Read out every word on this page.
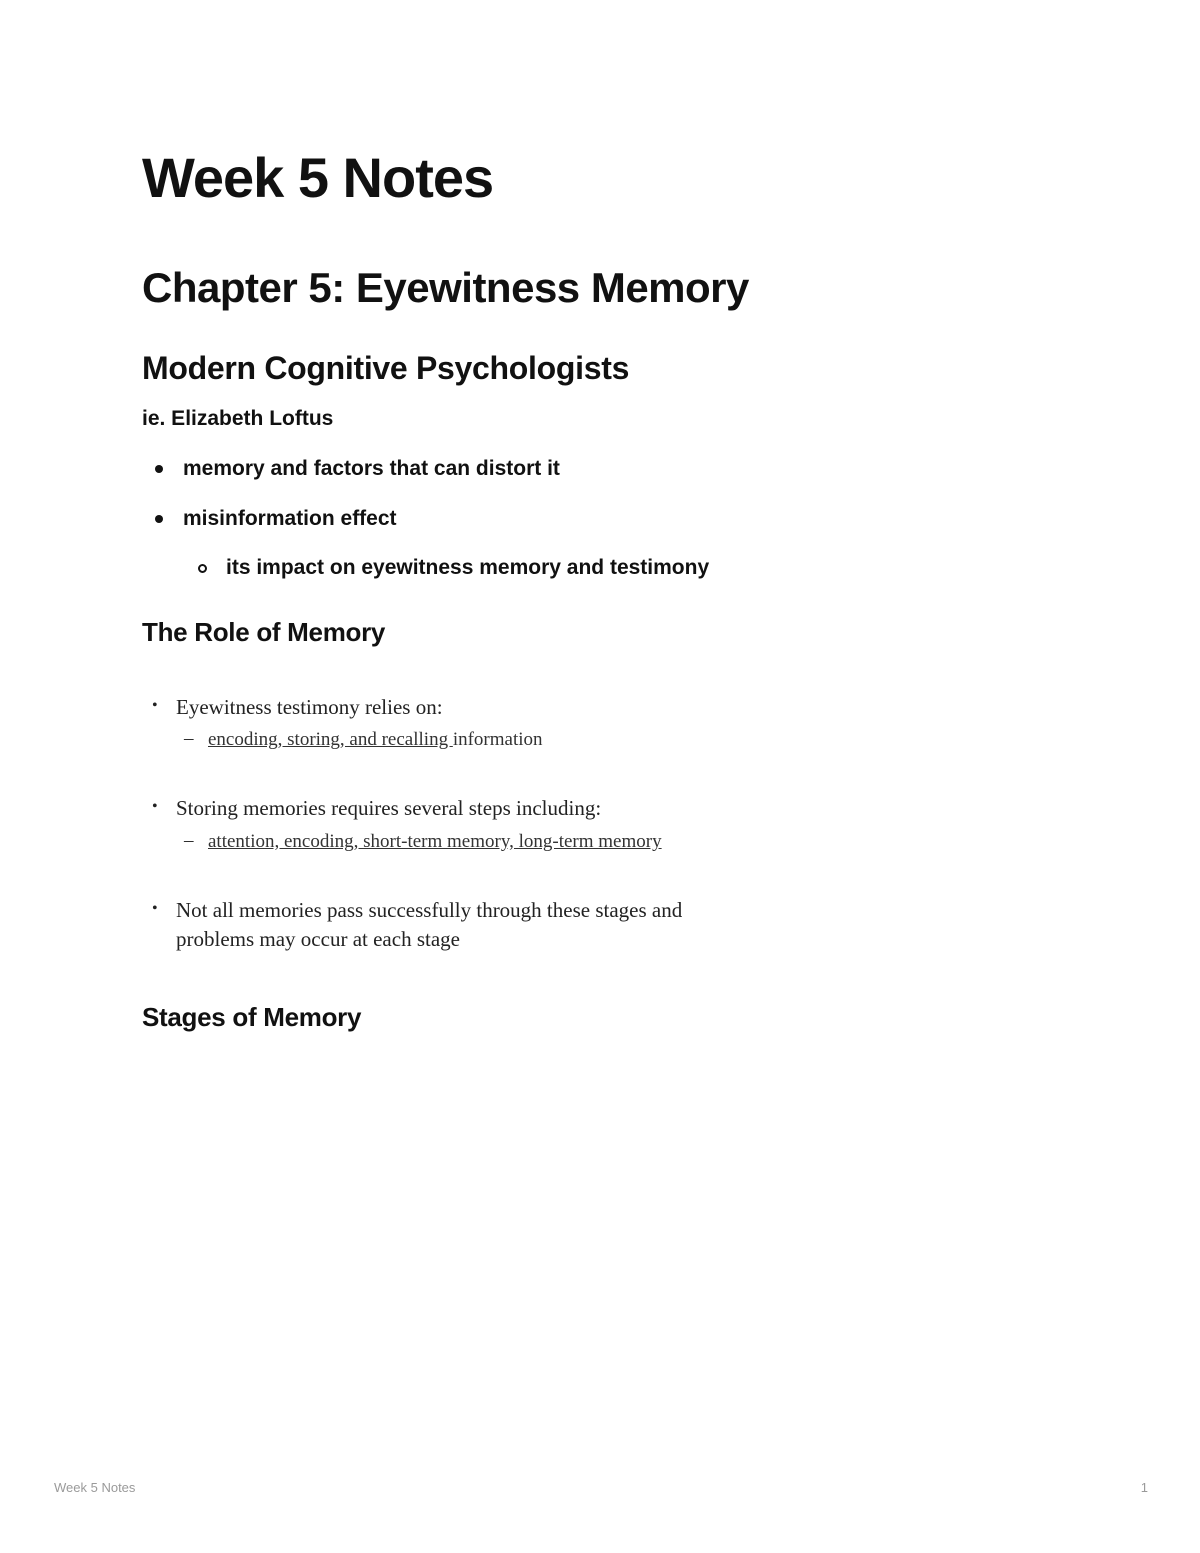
Week 5 Notes
Chapter 5: Eyewitness Memory
Modern Cognitive Psychologists

ie. Elizabeth Loftus

memory and factors that can distort it
misinformation effect
its impact on eyewitness memory and testimony
The Role of Memory
• Eyewitness testimony relies on:
– encoding, storing, and recalling information
• Storing memories requires several steps including:
– attention, encoding, short-term memory, long-term memory
• Not all memories pass successfully through these stages and
problems may occur at each stage
Stages of Memory
Week 5 Notes	1
